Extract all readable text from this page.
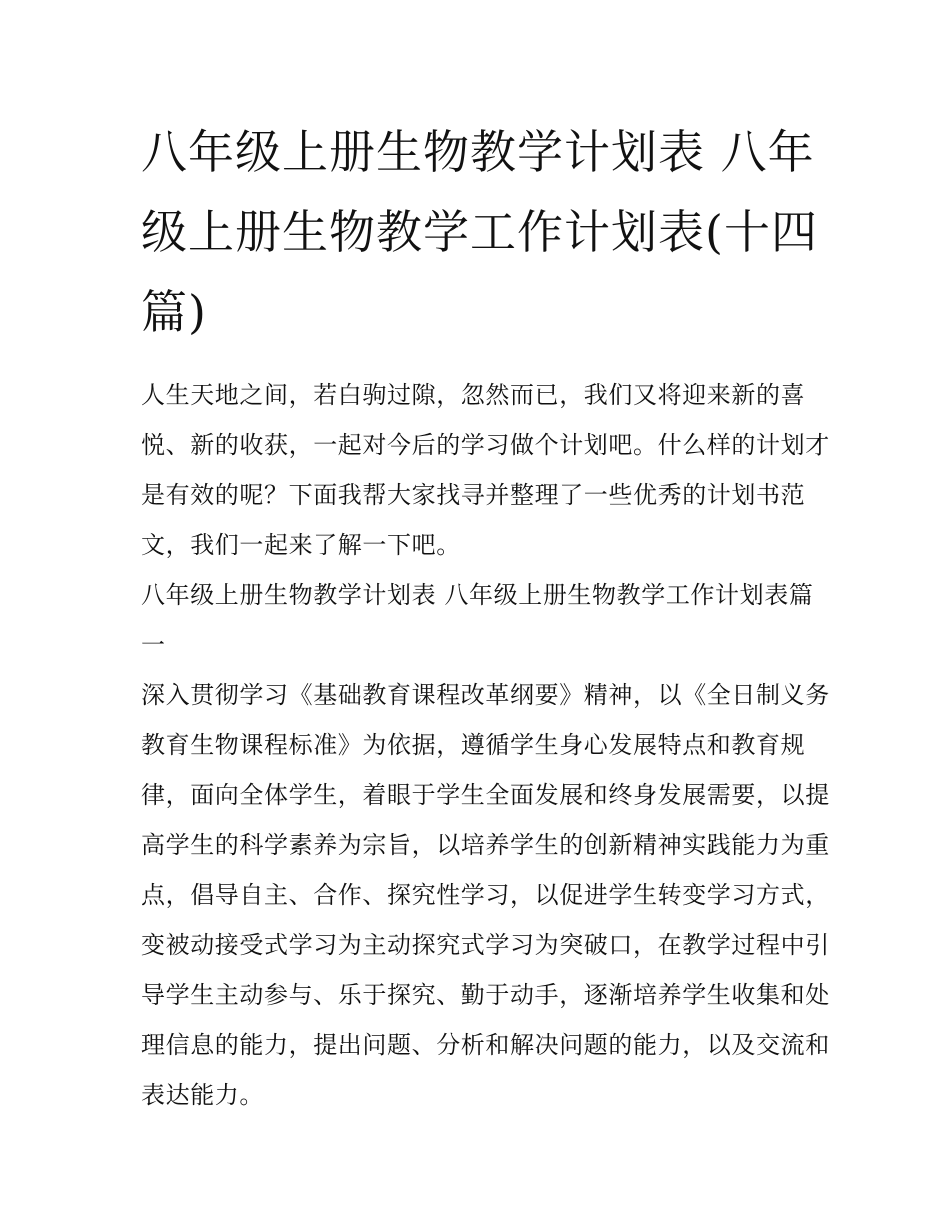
八年级上册生物教学计划表 八年级上册生物教学工作计划表(十四篇)

人生天地之间，若白驹过隙，忽然而已，我们又将迎来新的喜悦、新的收获，一起对今后的学习做个计划吧。什么样的计划才是有效的呢？下面我帮大家找寻并整理了一些优秀的计划书范文，我们一起来了解一下吧。

八年级上册生物教学计划表 八年级上册生物教学工作计划表篇一

深入贯彻学习《基础教育课程改革纲要》精神，以《全日制义务教育生物课程标准》为依据，遵循学生身心发展特点和教育规律，面向全体学生，着眼于学生全面发展和终身发展需要，以提高学生的科学素养为宗旨，以培养学生的创新精神实践能力为重点，倡导自主、合作、探究性学习，以促进学生转变学习方式，变被动接受式学习为主动探究式学习为突破口，在教学过程中引导学生主动参与、乐于探究、勤于动手，逐渐培养学生收集和处理信息的能力，提出问题、分析和解决问题的能力，以及交流和表达能力。
